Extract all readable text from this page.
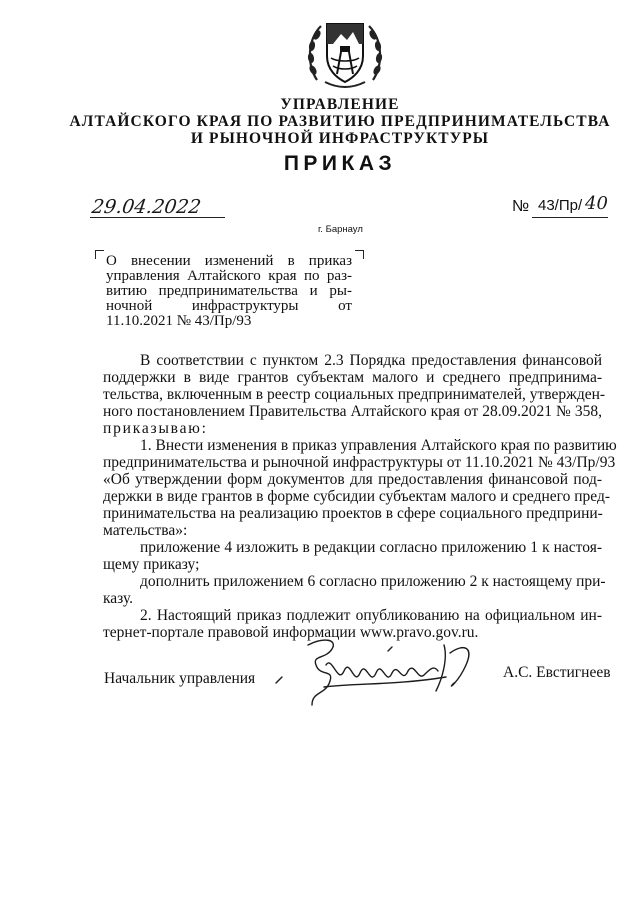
УПРАВЛЕНИЕ
АЛТАЙСКОГО КРАЯ ПО РАЗВИТИЮ ПРЕДПРИНИМАТЕЛЬСТВА
И РЫНОЧНОЙ ИНФРАСТРУКТУРЫ
ПРИКАЗ
29.04.2022	№ 43/Пр/ 40
г. Барнаул
О внесении изменений в приказ
управления Алтайского края по раз-
витию предпринимательства и ры-
ночной инфраструктуры от
11.10.2021 № 43/Пр/93
В соответствии с пунктом 2.3 Порядка предоставления финансовой
поддержки в виде грантов субъектам малого и среднего предпринима-
тельства, включенным в реестр социальных предпринимателей, утвержден-
ного постановлением Правительства Алтайского края от 28.09.2021 № 358,
приказываю:
1. Внести изменения в приказ управления Алтайского края по развитию
предпринимательства и рыночной инфраструктуры от 11.10.2021 № 43/Пр/93
«Об утверждении форм документов для предоставления финансовой под-
держки в виде грантов в форме субсидии субъектам малого и среднего пред-
принимательства на реализацию проектов в сфере социального предприни-
мательства»:
приложение 4 изложить в редакции согласно приложению 1 к настоя-
щему приказу;
дополнить приложением 6 согласно приложению 2 к настоящему при-
казу.
2. Настоящий приказ подлежит опубликованию на официальном ин-
тернет-портале правовой информации www.pravo.gov.ru.
Начальник управления	А.С. Евстигнеев
